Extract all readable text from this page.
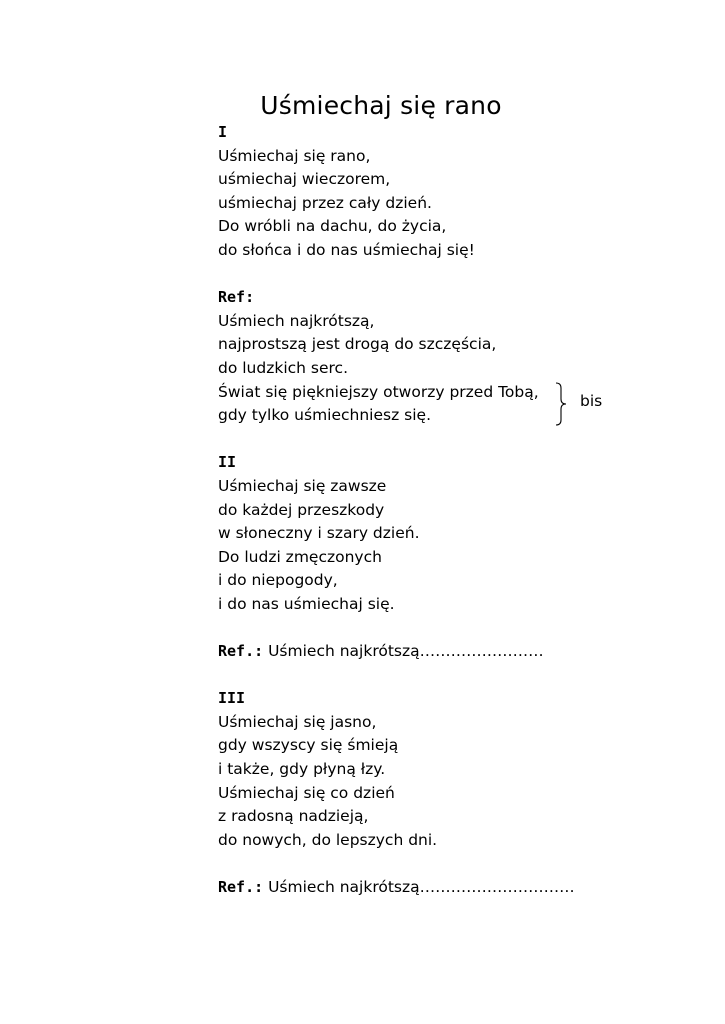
Uśmiechaj się rano
I
Uśmiechaj się rano,
uśmiechaj wieczorem,
uśmiechaj przez cały dzień.
Do wróbli na dachu, do życia,
do słońca i do nas uśmiechaj się!
Ref:
Uśmiech najkrótszą,
najprostszą jest drogą do szczęścia,
do ludzkich serc.
Świat się piękniejszy otworzy przed Tobą,
gdy tylko uśmiechniesz się.
bis
II
Uśmiechaj się zawsze
do każdej przeszkody
w słoneczny i szary dzień.
Do ludzi zmęczonych
i do niepogody,
i do nas uśmiechaj się.
Ref.: Uśmiech najkrótszą……………………
III
Uśmiechaj się jasno,
gdy wszyscy się śmieją
i także, gdy płyną łzy.
Uśmiechaj się co dzień
z radosną nadzieją,
do nowych, do lepszych dni.
Ref.: Uśmiech najkrótszą…………………………
